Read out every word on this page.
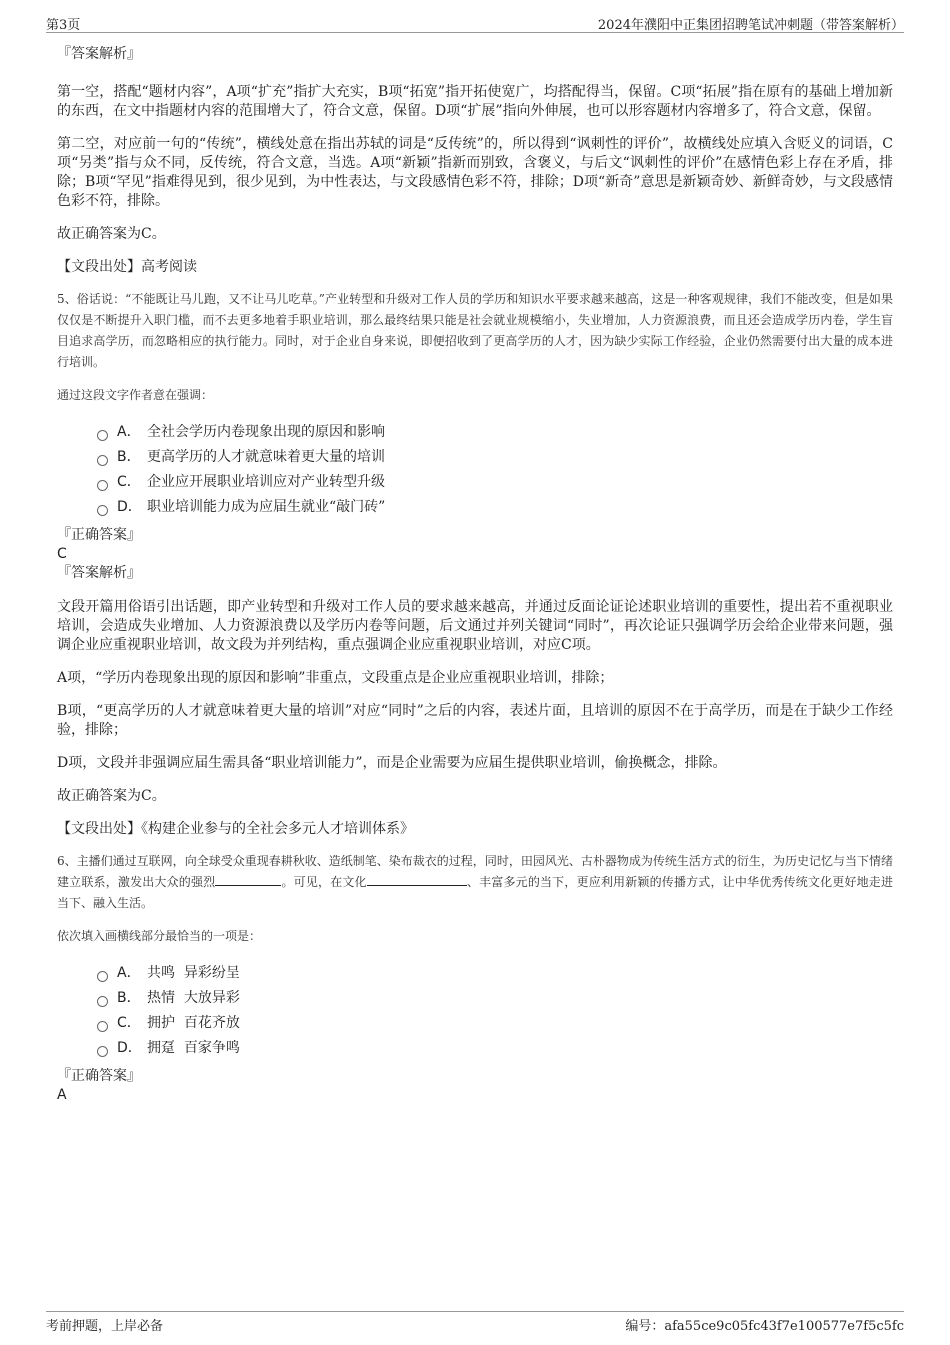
第3页	2024年濮阳中正集团招聘笔试冲刺题（带答案解析）

『答案解析』

第一空，搭配“题材内容”，A项“扩充”指扩大充实，B项“拓宽”指开拓使宽广，均搭配得当，保留。C项“拓展”指在原有的基础上增加新的东西，在文中指题材内容的范围增大了，符合文意，保留。D项“扩展”指向外伸展，也可以形容题材内容增多了，符合文意，保留。

第二空，对应前一句的“传统”，横线处意在指出苏轼的词是“反传统”的，所以得到“讽刺性的评价”，故横线处应填入含贬义的词语，C项“另类”指与众不同，反传统，符合文意，当选。A项“新颖”指新而别致，含褒义，与后文“讽刺性的评价”在感情色彩上存在矛盾，排除；B项“罕见”指难得见到，很少见到，为中性表达，与文段感情色彩不符，排除；D项“新奇”意思是新颖奇妙、新鲜奇妙，与文段感情色彩不符，排除。

故正确答案为C。

【文段出处】高考阅读

5、俗话说：“不能既让马儿跑，又不让马儿吃草。”产业转型和升级对工作人员的学历和知识水平要求越来越高，这是一种客观规律，我们不能改变，但是如果仅仅是不断提升入职门槛，而不去更多地着手职业培训，那么最终结果只能是社会就业规模缩小，失业增加，人力资源浪费，而且还会造成学历内卷，学生盲目追求高学历，而忽略相应的执行能力。同时，对于企业自身来说，即便招收到了更高学历的人才，因为缺少实际工作经验，企业仍然需要付出大量的成本进行培训。

通过这段文字作者意在强调：

A． 全社会学历内卷现象出现的原因和影响
B． 更高学历的人才就意味着更大量的培训
C． 企业应开展职业培训应对产业转型升级
D． 职业培训能力成为应届生就业“敲门砖”

『正确答案』

C

『答案解析』

文段开篇用俗语引出话题，即产业转型和升级对工作人员的要求越来越高，并通过反面论证论述职业培训的重要性，提出若不重视职业培训，会造成失业增加、人力资源浪费以及学历内卷等问题，后文通过并列关键词“同时”，再次论证只强调学历会给企业带来问题，强调企业应重视职业培训，故文段为并列结构，重点强调企业应重视职业培训，对应C项。

A项，“学历内卷现象出现的原因和影响”非重点，文段重点是企业应重视职业培训，排除；

B项，“更高学历的人才就意味着更大量的培训”对应“同时”之后的内容，表述片面，且培训的原因不在于高学历，而是在于缺少工作经验，排除；

D项，文段并非强调应届生需具备“职业培训能力”，而是企业需要为应届生提供职业培训，偷换概念，排除。

故正确答案为C。

【文段出处】《构建企业参与的全社会多元人才培训体系》

6、主播们通过互联网，向全球受众重现春耕秋收、造纸制笔、染布裁衣的过程，同时，田园风光、古朴器物成为传统生活方式的衍生，为历史记忆与当下情绪建立联系，激发出大众的强烈	。可见，在文化	、丰富多元的当下，更应利用新颖的传播方式，让中华优秀传统文化更好地走进当下、融入生活。

依次填入画横线部分最恰当的一项是：

A． 共鸣  异彩纷呈
B． 热情  大放异彩
C． 拥护  百花齐放
D． 拥趸  百家争鸣

『正确答案』

A

考前押题，上岸必备	编号：afa55ce9c05fc43f7e100577e7f5c5fc
